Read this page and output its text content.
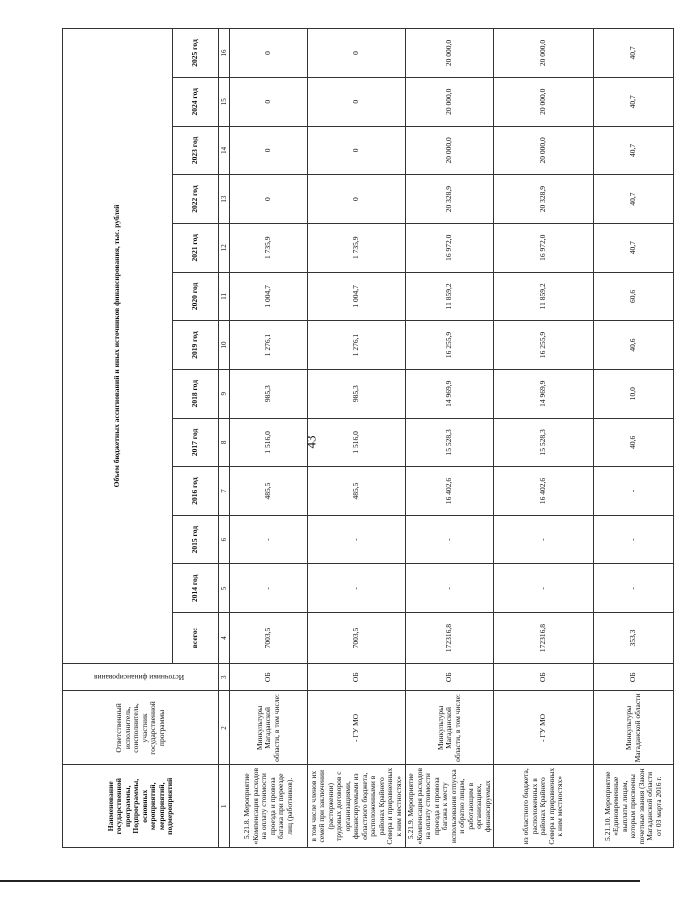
43
Наименование государственной программы, Подпрограммы, основных мероприятий, мероприятий, подмероприятий	Ответственный исполнитель, соисполнитель, участник государственной программы	Источники финансирования	Объем бюджетных ассигнований и иных источников финансирования, тыс. рублей												
			всего:	2014 год	2015 год	2016 год	2017 год	2018 год	2019 год	2020 год	2021 год	2022 год	2023 год	2024 год	2025 год
1	2	3	4	5	6	7	8	9	10	11	12	13	14	15	16
5.21.8. Мероприятие «Компенсация расходов на оплату стоимости проезда и провоза багажа при переезде лиц (работников).	Минкультуры Магаданской области, в том числе:	ОБ	7003,5	-	-	485,5	1 516,0	985,3	1 276,1	1 004,7	1 735,9	0	0	0	0
в том числе членов их семей при заключении (расторжении) трудовых договоров с организациями, финансируемыми из областного бюджета, расположенными в районах Крайнего Севера и приравненных к ним местностях»	- ГУ МО	ОБ	7003,5	-	-	485,5	1 516,0	985,3	1 276,1	1 004,7	1 735,9	0	0	0	0
5.21.9. Мероприятие «Компенсация расходов на оплату стоимости проезда и провоза багажа к месту использования отпуска и обратно лицам, работающим в организациях, финансируемых	Минкультуры Магаданской области, в том числе:	ОБ	172316,8	-	-	16 402,6	15 528,3	14 969,9	16 255,9	11 859,2	16 972,0	20 328,9	20 000,0	20 000,0	20 000,0
из областного бюджета, расположенных в районах Крайнего Севера и приравненных к ним местностях»	- ГУ МО	ОБ	172316,8	-	-	16 402,6	15 528,3	14 969,9	16 255,9	11 859,2	16 972,0	20 328,9	20 000,0	20 000,0	20 000,0
5.21.10. Мероприятие «Единовременные выплаты лицам, которым присвоены почетные звания (Закон Магаданской области от 03 марта 2016 г.	Минкультуры Магаданской области	ОБ	353,3	-	-	-	40,6	10,0	40,6	60,6	40,7	40,7	40,7	40,7	40,7
